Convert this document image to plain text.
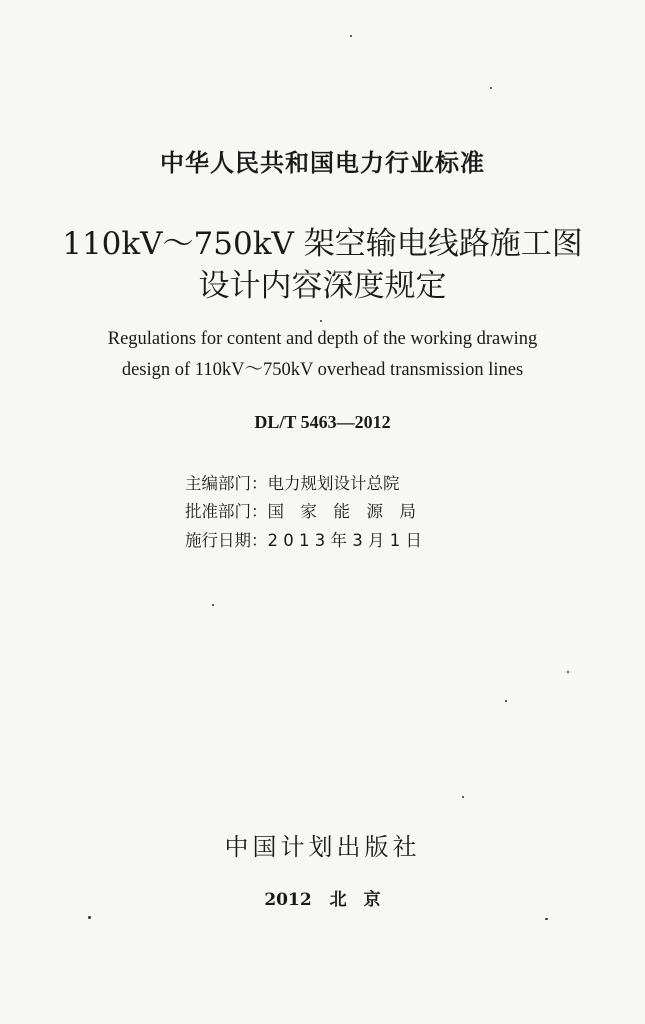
中华人民共和国电力行业标准
110kV～750kV 架空输电线路施工图
设计内容深度规定
Regulations for content and depth of the working drawing
design of 110kV～750kV overhead transmission lines
DL/T 5463—2012
主编部门：电力规划设计总院
批准部门：国　家　能　源　局
施行日期：2 0 1 3 年 3 月 1 日
中国计划出版社
2012 北　京
